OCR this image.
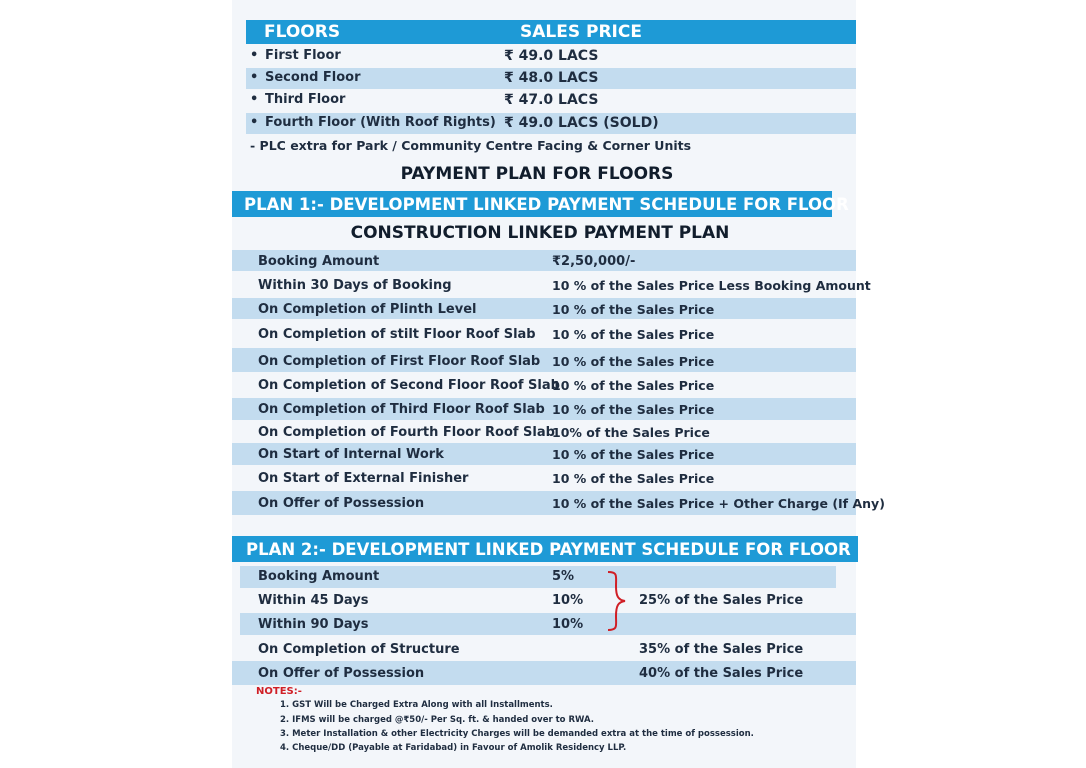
FLOORS	SALES PRICE
• First Floor	₹ 49.0 LACS
• Second Floor	₹ 48.0 LACS
• Third Floor	₹ 47.0 LACS
• Fourth Floor (With Roof Rights) ₹ 49.0 LACS (SOLD)
- PLC extra for Park / Community Centre Facing & Corner Units
PAYMENT PLAN FOR FLOORS
PLAN 1:- DEVELOPMENT LINKED PAYMENT SCHEDULE FOR FLOOR
CONSTRUCTION LINKED PAYMENT PLAN
Booking Amount	₹2,50,000/-
Within 30 Days of Booking	10 % of the Sales Price Less Booking Amount
On Completion of Plinth Level	10 % of the Sales Price
On Completion of stilt Floor Roof Slab 10 % of the Sales Price
On Completion of First Floor Roof Slab 10 % of the Sales Price
On Completion of Second Floor Roof Slab
10 % of the Sales Price
On Completion of Third Floor Roof Slab 10 % of the Sales Price
On Completion of Fourth Floor Roof Slab
10% of the Sales Price
On Start of Internal Work	10 % of the Sales Price
On Start of External Finisher	10 % of the Sales Price
On Offer of Possession	10 % of the Sales Price + Other Charge (If Any)
PLAN 2:- DEVELOPMENT LINKED PAYMENT SCHEDULE FOR FLOOR
Booking Amount	5%
Within 45 Days	10%	25% of the Sales Price
Within 90 Days	10%
On Completion of Structure	35% of the Sales Price
On Offer of Possession	40% of the Sales Price
NOTES:-
1. GST Will be Charged Extra Along with all Installments.
2. IFMS will be charged @₹50/- Per Sq. ft. & handed over to RWA.
3. Meter Installation & other Electricity Charges will be demanded extra at the time of possession.
4. Cheque/DD (Payable at Faridabad) in Favour of Amolik Residency LLP.
